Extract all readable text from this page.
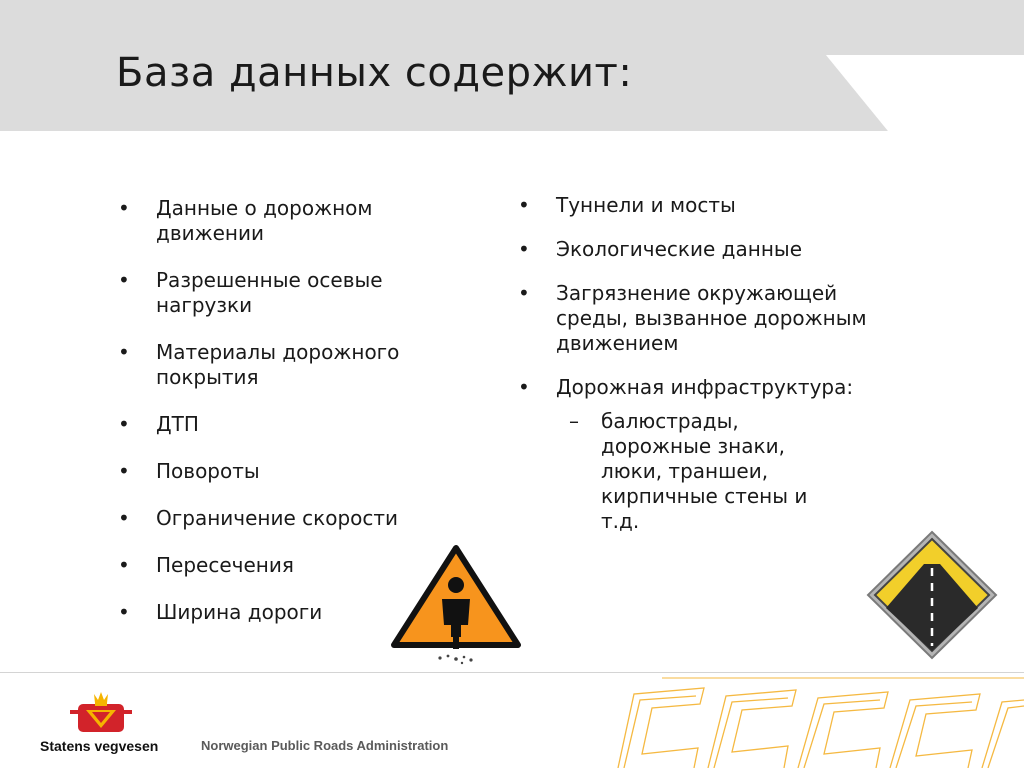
База данных содержит:
•	Данные о дорожном движении
•	Разрешенные осевые нагрузки
•	Материалы дорожного покрытия
•	ДТП
•	Повороты
•	Ограничение скорости
•	Пересечения
•	Ширина дороги
•	Туннели и мосты
•	Экологические данные
•	Загрязнение окружающей среды, вызванное дорожным движением
•	Дорожная инфраструктура:
– балюстрады, дорожные знаки, люки, траншеи, кирпичные стены и т.д.
Statens vegvesen	Norwegian Public Roads Administration
